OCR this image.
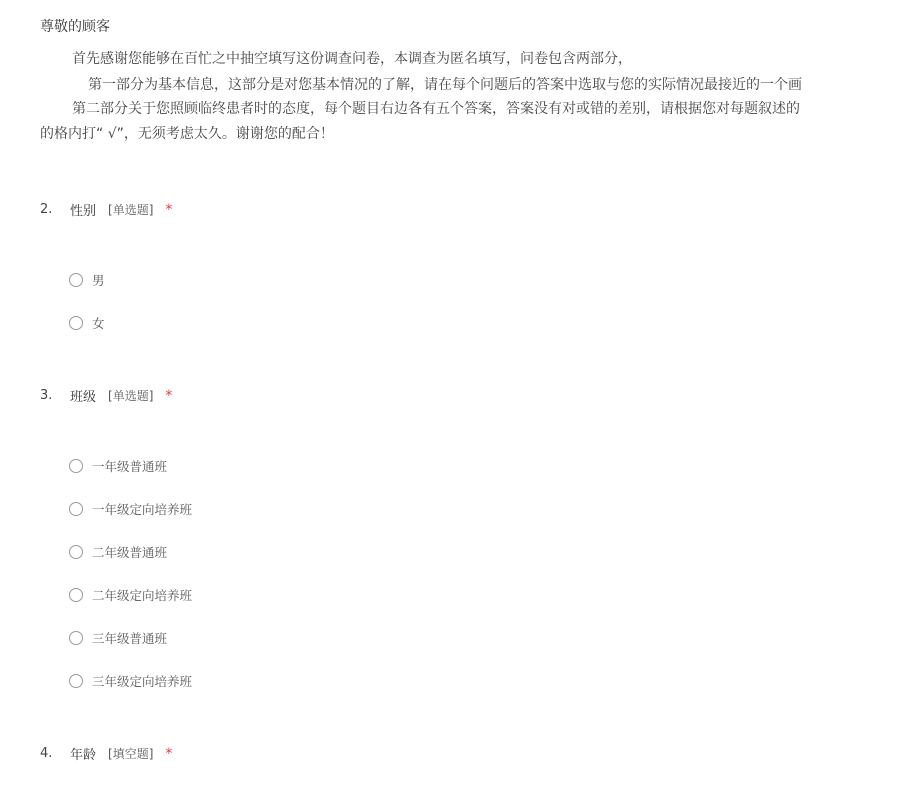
尊敬的顾客
首先感谢您能够在百忙之中抽空填写这份调查问卷，本调查为匿名填写，问卷包含两部分，
第一部分为基本信息，这部分是对您基本情况的了解，请在每个问题后的答案中选取与您的实际情况最接近的一个画
第二部分关于您照顾临终患者时的态度，每个题目右边各有五个答案，答案没有对或错的差别，请根据您对每题叙述的
的格内打“ √”，无须考虑太久。谢谢您的配合！
2.	性别 [单选题] *
男
女
3.	班级 [单选题] *
一年级普通班
一年级定向培养班
二年级普通班
二年级定向培养班
三年级普通班
三年级定向培养班
4.	年龄 [填空题] *
